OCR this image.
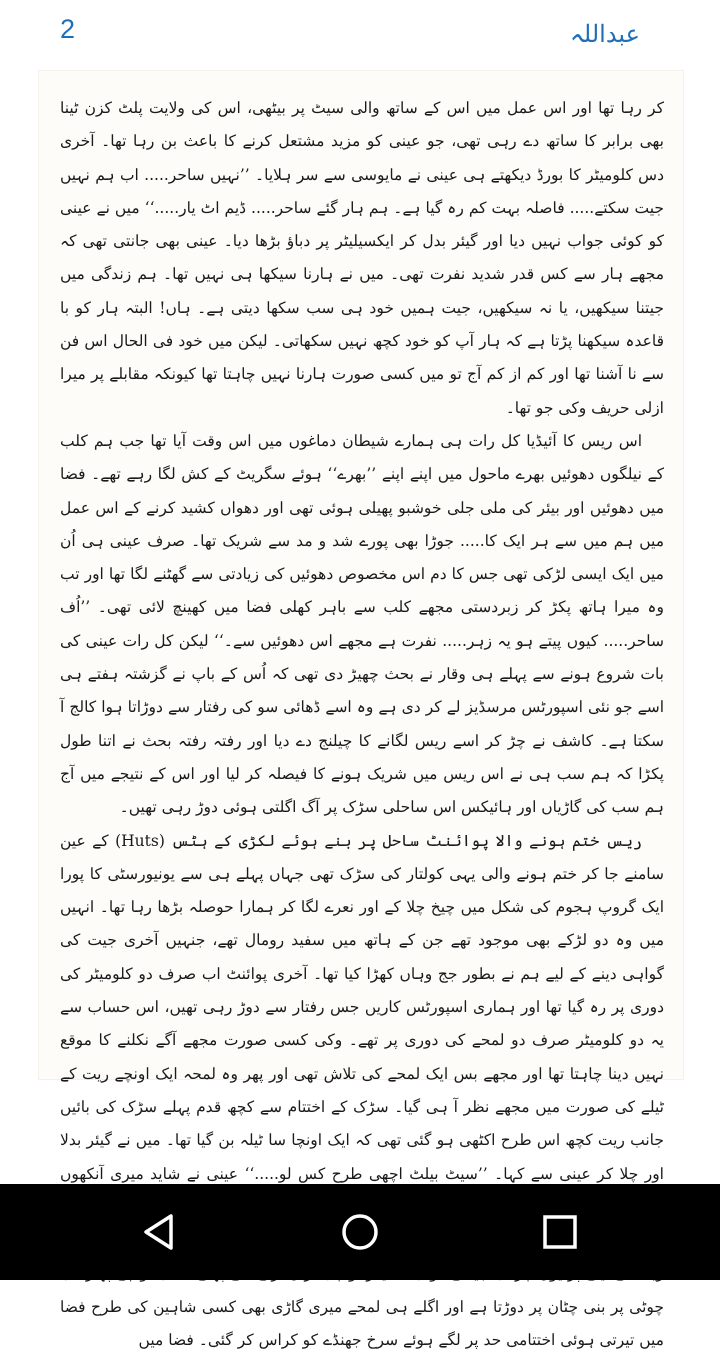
2	عبداللہ

کر رہا تھا اور اس عمل میں اس کے ساتھ والی سیٹ پر بیٹھی، اس کی ولایت پلٹ کزن ٹینا بھی برابر کا ساتھ دے رہی تھی، جو عینی کو مزید مشتعل کرنے کا باعث بن رہا تھا۔ آخری دس کلومیٹر کا بورڈ دیکھتے ہی عینی نے مایوسی سے سر ہلایا۔ ’’نہیں ساحر..... اب ہم نہیں جیت سکتے..... فاصلہ بہت کم رہ گیا ہے۔ ہم ہار گئے ساحر..... ڈیم اٹ یار.....‘‘ میں نے عینی کو کوئی جواب نہیں دیا اور گیئر بدل کر ایکسیلیٹر پر دباؤ بڑھا دیا۔ عینی بھی جانتی تھی کہ مجھے ہار سے کس قدر شدید نفرت تھی۔ میں نے ہارنا سیکھا ہی نہیں تھا۔ ہم زندگی میں جیتنا سیکھیں، یا نہ سیکھیں، جیت ہمیں خود ہی سب سکھا دیتی ہے۔ ہاں! البتہ ہار کو با قاعدہ سیکھنا پڑتا ہے کہ ہار آپ کو خود کچھ نہیں سکھاتی۔ لیکن میں خود فی الحال اس فن سے نا آشنا تھا اور کم از کم آج تو میں کسی صورت ہارنا نہیں چاہتا تھا کیونکہ مقابلے پر میرا ازلی حریف وکی جو تھا۔

اس ریس کا آئیڈیا کل رات ہی ہمارے شیطان دماغوں میں اس وقت آیا تھا جب ہم کلب کے نیلگوں دھوئیں بھرے ماحول میں اپنے اپنے ’’بھرے‘‘ ہوئے سگریٹ کے کش لگا رہے تھے۔ فضا میں دھوئیں اور بیئر کی ملی جلی خوشبو پھیلی ہوئی تھی اور دھواں کشید کرنے کے اس عمل میں ہم میں سے ہر ایک کا..... جوڑا بھی پورے شد و مد سے شریک تھا۔ صرف عینی ہی اُن میں ایک ایسی لڑکی تھی جس کا دم اس مخصوص دھوئیں کی زیادتی سے گھٹنے لگا تھا اور تب وہ میرا ہاتھ پکڑ کر زبردستی مجھے کلب سے باہر کھلی فضا میں کھینچ لائی تھی۔ ’’اُف ساحر..... کیوں پیتے ہو یہ زہر..... نفرت ہے مجھے اس دھوئیں سے۔‘‘ لیکن کل رات عینی کی بات شروع ہونے سے پہلے ہی وقار نے بحث چھیڑ دی تھی کہ اُس کے باپ نے گزشتہ ہفتے ہی اسے جو نئی اسپورٹس مرسڈیز لے کر دی ہے وہ اسے ڈھائی سو کی رفتار سے دوڑاتا ہوا کالج آ سکتا ہے۔ کاشف نے چڑ کر اسے ریس لگانے کا چیلنج دے دیا اور رفتہ رفتہ بحث نے اتنا طول پکڑا کہ ہم سب ہی نے اس ریس میں شریک ہونے کا فیصلہ کر لیا اور اس کے نتیجے میں آج ہم سب کی گاڑیاں اور ہائیکس اس ساحلی سڑک پر آگ اگلتی ہوئی دوڑ رہی تھیں۔

ریس ختم ہونے والا پوائنٹ ساحل پر بنے ہوئے لکڑی کے ہٹس (Huts) کے عین سامنے جا کر ختم ہونے والی یہی کولتار کی سڑک تھی جہاں پہلے ہی سے یونیورسٹی کا پورا ایک گروپ ہجوم کی شکل میں چیخ چلا کے اور نعرے لگا کر ہمارا حوصلہ بڑھا رہا تھا۔ انہیں میں وہ دو لڑکے بھی موجود تھے جن کے ہاتھ میں سفید رومال تھے، جنہیں آخری جیت کی گواہی دینے کے لیے ہم نے بطور جج وہاں کھڑا کیا تھا۔ آخری پوائنٹ اب صرف دو کلومیٹر کی دوری پر رہ گیا تھا اور ہماری اسپورٹس کاریں جس رفتار سے دوڑ رہی تھیں، اس حساب سے یہ دو کلومیٹر صرف دو لمحے کی دوری پر تھے۔ وکی کسی صورت مجھے آگے نکلنے کا موقع نہیں دینا چاہتا تھا اور مجھے بس ایک لمحے کی تلاش تھی اور پھر وہ لمحہ ایک اونچے ریت کے ٹیلے کی صورت میں مجھے نظر آ ہی گیا۔ سڑک کے اختتام سے کچھ قدم پہلے سڑک کی بائیں جانب ریت کچھ اس طرح اکٹھی ہو گئی تھی کہ ایک اونچا سا ٹیلہ بن گیا تھا۔ میں نے گیئر بدلا اور چلا کر عینی سے کہا۔ ’’سیٹ بیلٹ اچھی طرح کس لو.....‘‘ عینی نے شاید میری آنکھوں چوٹی پر بنی چٹان پر دوڑتا ہے اور اگلے ہی لمحے میری گاڑی بھی کسی شاہین کی طرح فضا میں تیرتی ہوئی اختتامی حد پر لگے ہوئے سرخ جھنڈے کو کراس کر گئی۔ فضا میں
